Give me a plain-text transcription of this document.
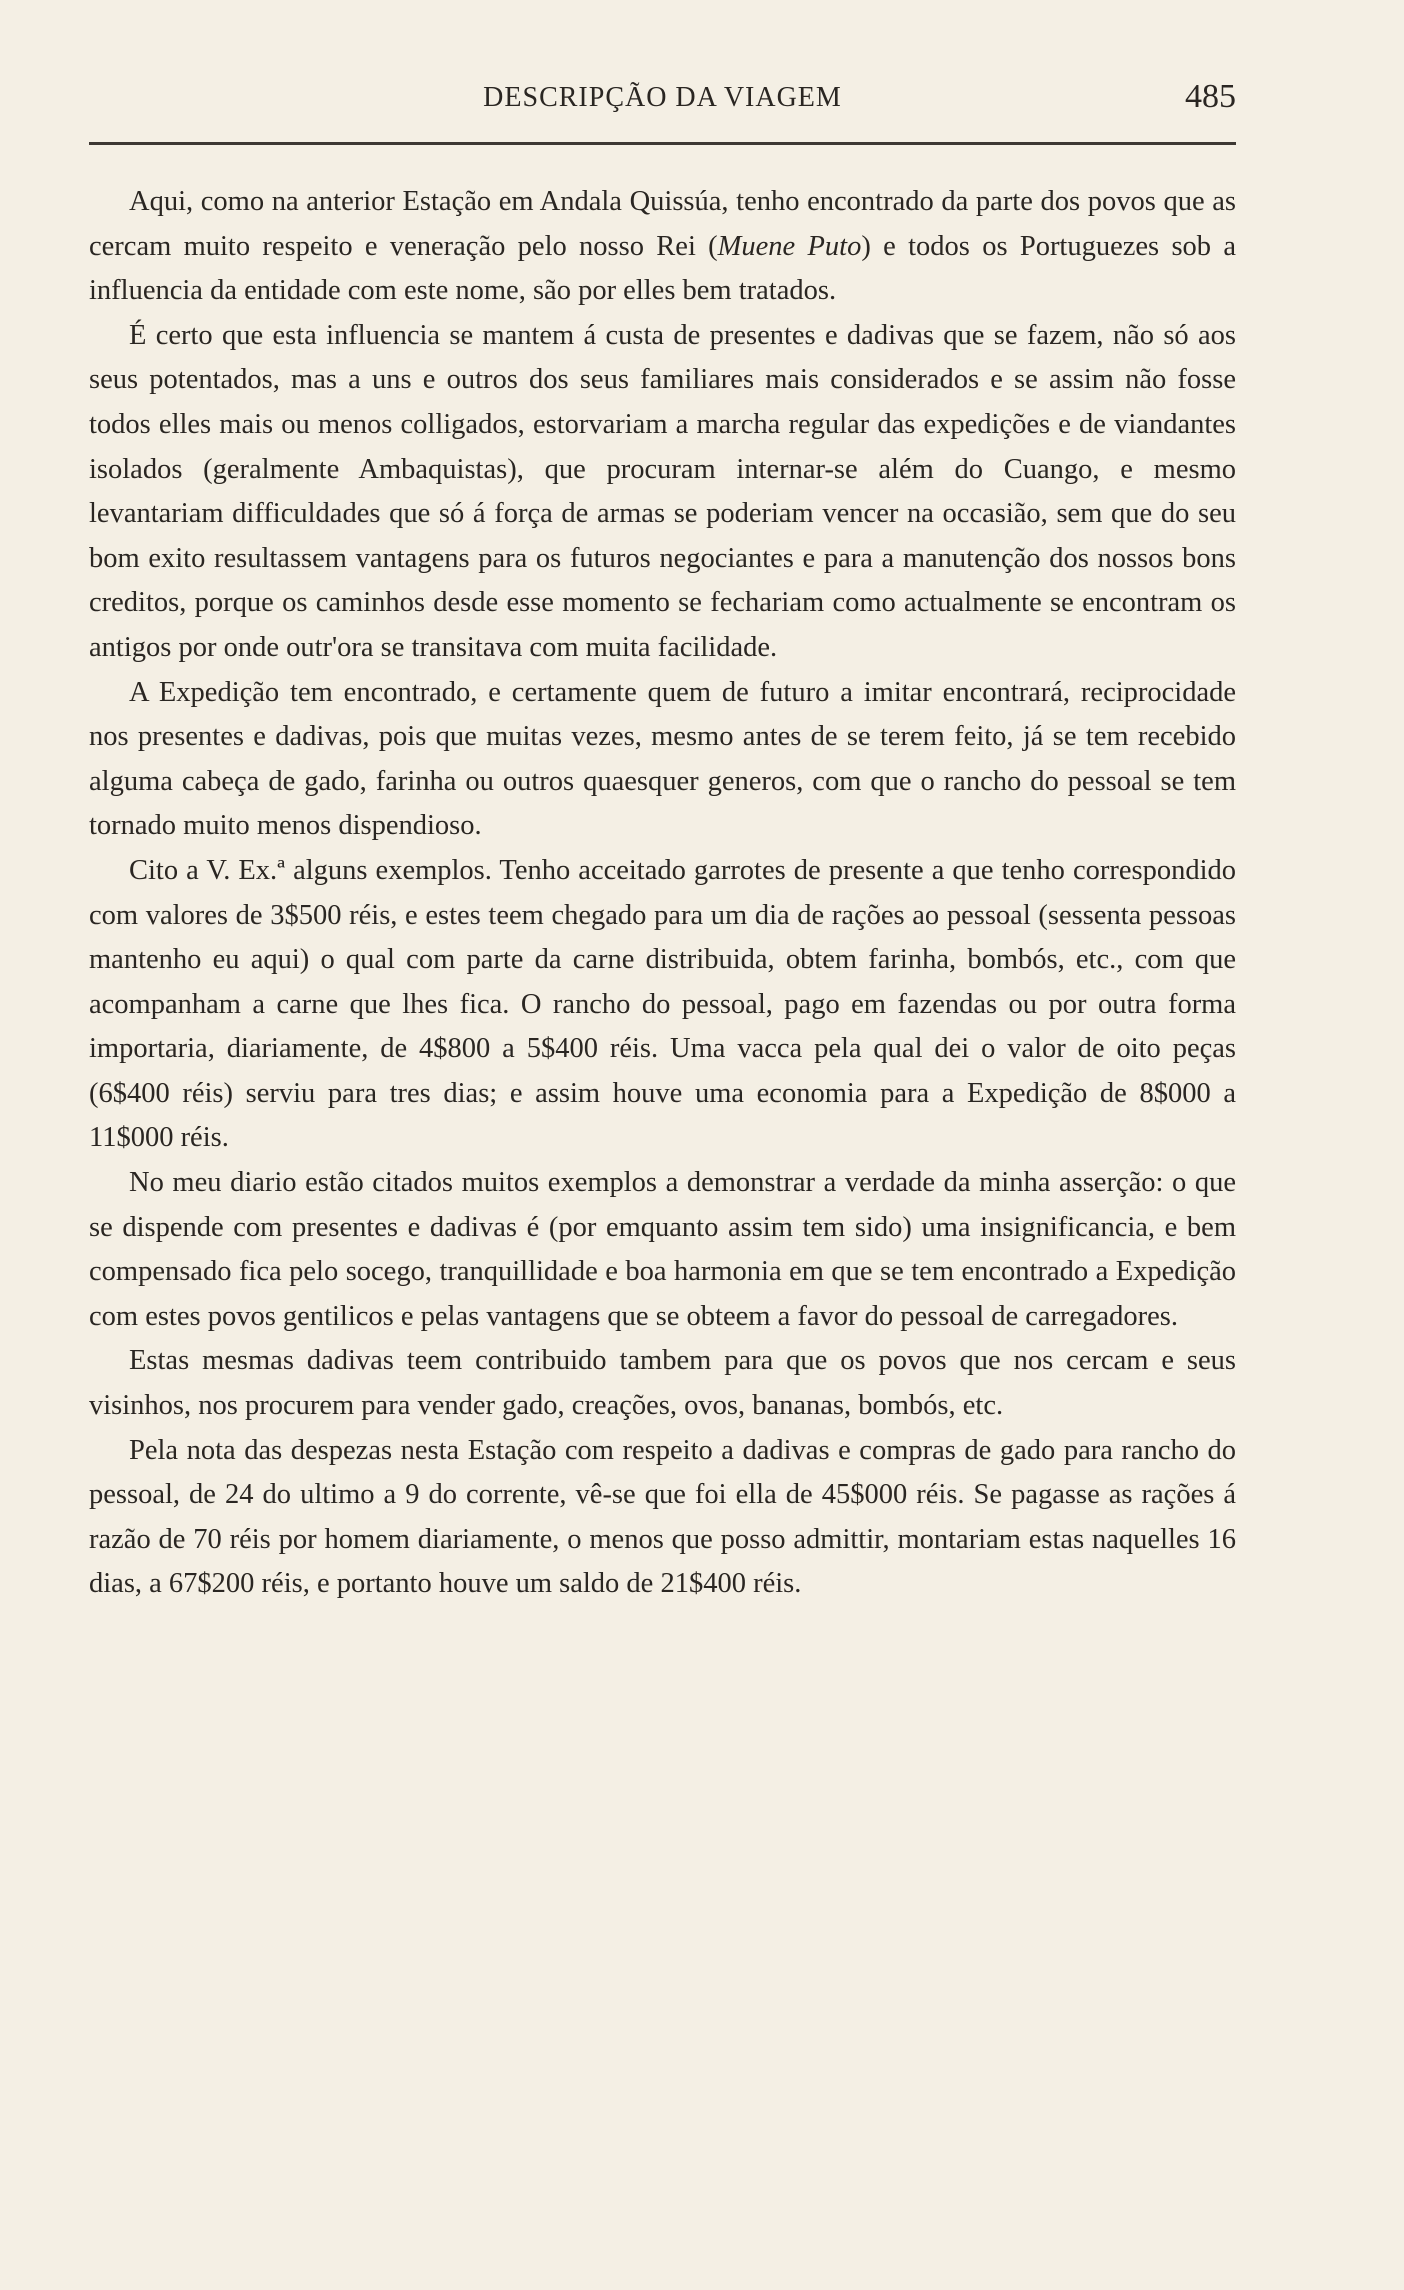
DESCRIPÇÃO DA VIAGEM	485

Aqui, como na anterior Estação em Andala Quissúa, tenho encontrado da parte dos povos que as cercam muito respeito e veneração pelo nosso Rei (Muene Puto) e todos os Portuguezes sob a influencia da entidade com este nome, são por elles bem tratados.

É certo que esta influencia se mantem á custa de presentes e dadivas que se fazem, não só aos seus potentados, mas a uns e outros dos seus familiares mais considerados e se assim não fosse todos elles mais ou menos colligados, estorvariam a marcha regular das expedições e de viandantes isolados (geralmente Ambaquistas), que procuram internar-se além do Cuango, e mesmo levantariam difficuldades que só á força de armas se poderiam vencer na occasião, sem que do seu bom exito resultassem vantagens para os futuros negociantes e para a manutenção dos nossos bons creditos, porque os caminhos desde esse momento se fechariam como actualmente se encontram os antigos por onde outr'ora se transitava com muita facilidade.

A Expedição tem encontrado, e certamente quem de futuro a imitar encontrará, reciprocidade nos presentes e dadivas, pois que muitas vezes, mesmo antes de se terem feito, já se tem recebido alguma cabeça de gado, farinha ou outros quaesquer generos, com que o rancho do pessoal se tem tornado muito menos dispendioso.

Cito a V. Ex.ª alguns exemplos. Tenho acceitado garrotes de presente a que tenho correspondido com valores de 3$500 réis, e estes teem chegado para um dia de rações ao pessoal (sessenta pessoas mantenho eu aqui) o qual com parte da carne distribuida, obtem farinha, bombós, etc., com que acompanham a carne que lhes fica. O rancho do pessoal, pago em fazendas ou por outra forma importaria, diariamente, de 4$800 a 5$400 réis. Uma vacca pela qual dei o valor de oito peças (6$400 réis) serviu para tres dias; e assim houve uma economia para a Expedição de 8$000 a 11$000 réis.

No meu diario estão citados muitos exemplos a demonstrar a verdade da minha asserção: o que se dispende com presentes e dadivas é (por emquanto assim tem sido) uma insignificancia, e bem compensado fica pelo socego, tranquillidade e boa harmonia em que se tem encontrado a Expedição com estes povos gentilicos e pelas vantagens que se obteem a favor do pessoal de carregadores.

Estas mesmas dadivas teem contribuido tambem para que os povos que nos cercam e seus visinhos, nos procurem para vender gado, creações, ovos, bananas, bombós, etc.

Pela nota das despezas nesta Estação com respeito a dadivas e compras de gado para rancho do pessoal, de 24 do ultimo a 9 do corrente, vê-se que foi ella de 45$000 réis. Se pagasse as rações á razão de 70 réis por homem diariamente, o menos que posso admittir, montariam estas naquelles 16 dias, a 67$200 réis, e portanto houve um saldo de 21$400 réis.
